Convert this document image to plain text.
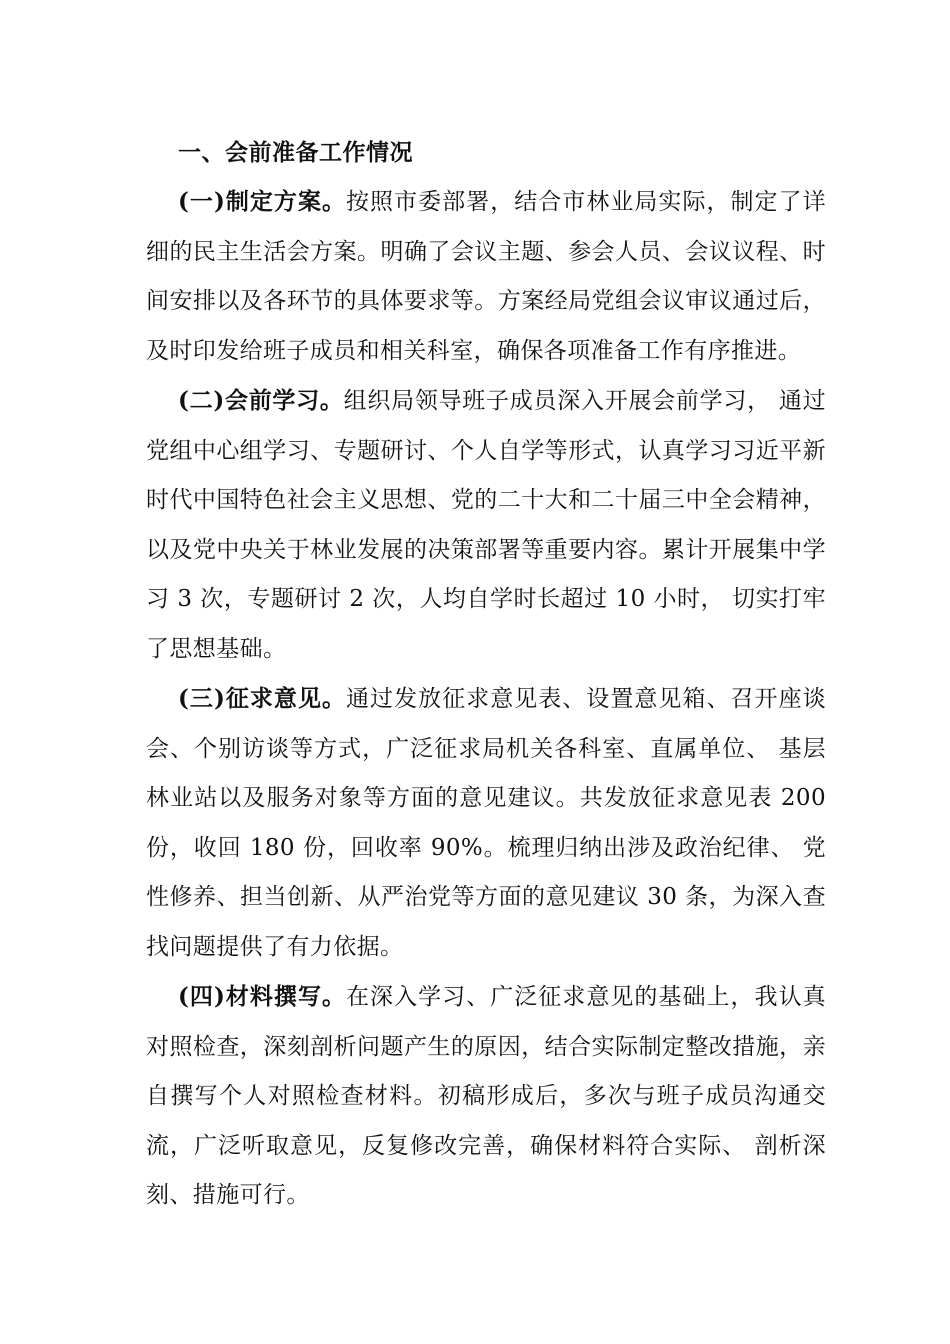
一、会前准备工作情况

(一)制定方案。按照市委部署，结合市林业局实际，制定了详细的民主生活会方案。明确了会议主题、参会人员、会议议程、时间安排以及各环节的具体要求等。方案经局党组会议审议通过后，及时印发给班子成员和相关科室，确保各项准备工作有序推进。

(二)会前学习。组织局领导班子成员深入开展会前学习， 通过党组中心组学习、专题研讨、个人自学等形式，认真学习习近平新时代中国特色社会主义思想、党的二十大和二十届三中全会精神，以及党中央关于林业发展的决策部署等重要内容。累计开展集中学习 3 次，专题研讨 2 次，人均自学时长超过 10 小时， 切实打牢了思想基础。

(三)征求意见。通过发放征求意见表、设置意见箱、召开座谈会、个别访谈等方式，广泛征求局机关各科室、直属单位、 基层林业站以及服务对象等方面的意见建议。共发放征求意见表 200 份，收回 180 份，回收率 90%。梳理归纳出涉及政治纪律、 党性修养、担当创新、从严治党等方面的意见建议 30 条，为深入查找问题提供了有力依据。

(四)材料撰写。在深入学习、广泛征求意见的基础上，我认真对照检查，深刻剖析问题产生的原因，结合实际制定整改措施，亲自撰写个人对照检查材料。初稿形成后，多次与班子成员沟通交流，广泛听取意见，反复修改完善，确保材料符合实际、 剖析深刻、措施可行。
